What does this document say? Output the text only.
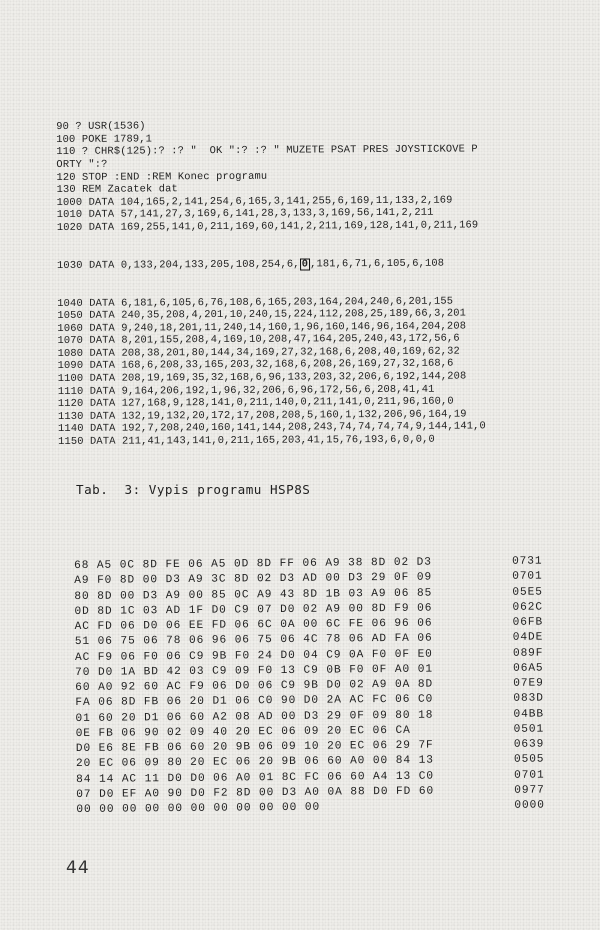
90 ? USR(1536)
100 POKE 1789,1
110 ? CHR$(125):? :? "  OK ":? :? " MUZETE PSAT PRES JOYSTICKOVE P
ORTY ":?
120 STOP :END :REM Konec programu
130 REM Zacatek dat
1000 DATA 104,165,2,141,254,6,165,3,141,255,6,169,11,133,2,169
1010 DATA 57,141,27,3,169,6,141,28,3,133,3,169,56,141,2,211
1020 DATA 169,255,141,0,211,169,60,141,2,211,169,128,141,0,211,169

1030 DATA 0,133,204,133,205,108,254,6, 0 ,181,6,71,6,105,6,108

1040 DATA 6,181,6,105,6,76,108,6,165,203,164,204,240,6,201,155
1050 DATA 240,35,208,4,201,10,240,15,224,112,208,25,189,66,3,201
1060 DATA 9,240,18,201,11,240,14,160,1,96,160,146,96,164,204,208
1070 DATA 8,201,155,208,4,169,10,208,47,164,205,240,43,172,56,6
1080 DATA 208,38,201,80,144,34,169,27,32,168,6,208,40,169,62,32
1090 DATA 168,6,208,33,165,203,32,168,6,208,26,169,27,32,168,6
1100 DATA 208,19,169,35,32,168,6,96,133,203,32,206,6,192,144,208
1110 DATA 9,164,206,192,1,96,32,206,6,96,172,56,6,208,41,41
1120 DATA 127,168,9,128,141,0,211,140,0,211,141,0,211,96,160,0
1130 DATA 132,19,132,20,172,17,208,208,5,160,1,132,206,96,164,19
1140 DATA 192,7,208,240,160,141,144,208,243,74,74,74,74,9,144,141,0
1150 DATA 211,41,143,141,0,211,165,203,41,15,76,193,6,0,0,0

Tab.  3: Vypis programu HSP8S
68 A5 0C 8D FE 06 A5 0D 8D FF 06 A9 38 8D 02 D3	0731
A9 F0 8D 00 D3 A9 3C 8D 02 D3 AD 00 D3 29 0F 09	0701
80 8D 00 D3 A9 00 85 0C A9 43 8D 1B 03 A9 06 85	05E5
0D 8D 1C 03 AD 1F D0 C9 07 D0 02 A9 00 8D F9 06	062C
AC FD 06 D0 06 EE FD 06 6C 0A 00 6C FE 06 96 06	06FB
51 06 75 06 78 06 96 06 75 06 4C 78 06 AD FA 06	04DE
AC F9 06 F0 06 C9 9B F0 24 D0 04 C9 0A F0 0F E0	089F
70 D0 1A BD 42 03 C9 09 F0 13 C9 0B F0 0F A0 01	06A5
60 A0 92 60 AC F9 06 D0 06 C9 9B D0 02 A9 0A 8D	07E9
FA 06 8D FB 06 20 D1 06 C0 90 D0 2A AC FC 06 C0	083D
01 60 20 D1 06 60 A2 08 AD 00 D3 29 0F 09 80 18	04BB
0E FB 06 90 02 09 40 20 EC 06 09 20 EC 06 CA	0501
D0 E6 8E FB 06 60 20 9B 06 09 10 20 EC 06 29 7F	0639
20 EC 06 09 80 20 EC 06 20 9B 06 60 A0 00 84 13	0505
84 14 AC 11 D0 D0 06 A0 01 8C FC 06 60 A4 13 C0	0701
07 D0 EF A0 90 D0 F2 8D 00 D3 A0 0A 88 D0 FD 60	0977
00 00 00 00 00 00 00 00 00 00 00	0000
44
